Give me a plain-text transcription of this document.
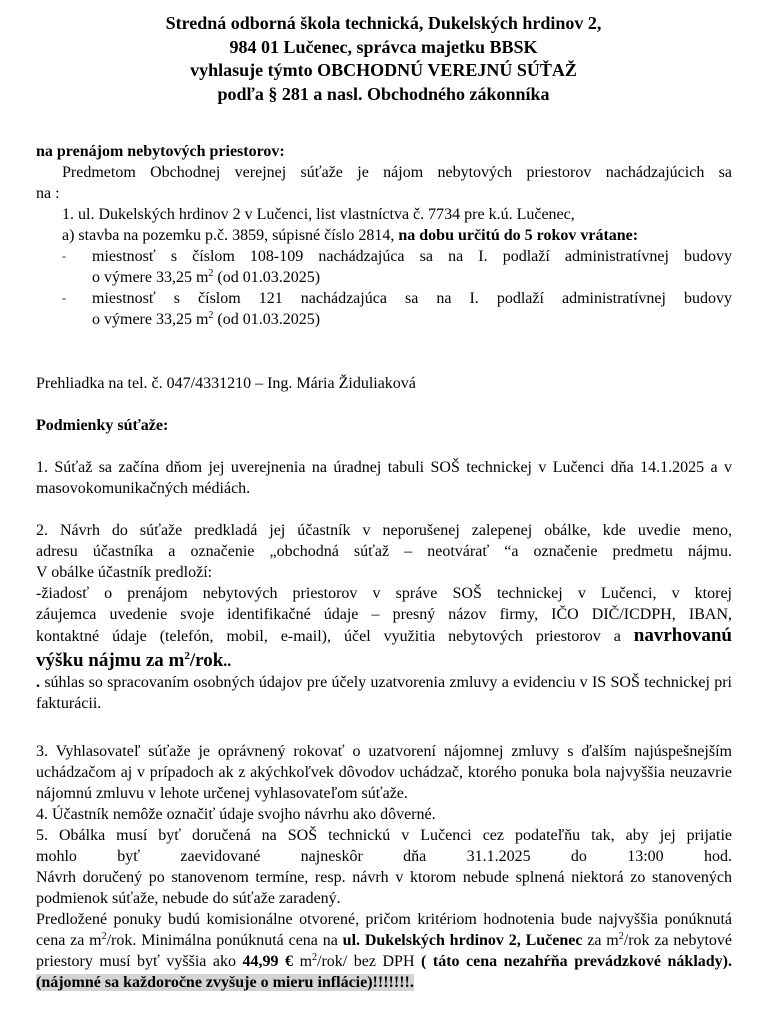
Stredná odborná škola technická, Dukelských hrdinov 2,
984 01 Lučenec, správca majetku BBSK
vyhlasuje týmto OBCHODNÚ VEREJNÚ SÚŤAŽ
podľa § 281 a nasl. Obchodného zákonníka
na prenájom nebytových priestorov:
Predmetom Obchodnej verejnej súťaže je nájom nebytových priestorov nachádzajúcich sa
na :
1. ul. Dukelských hrdinov 2 v Lučenci, list vlastníctva č. 7734 pre k.ú. Lučenec,
a) stavba na pozemku p.č. 3859, súpisné číslo 2814, na dobu určitú do 5 rokov vrátane:
- miestnosť s číslom 108-109 nachádzajúca sa na I. podlaží administratívnej budovy
o výmere 33,25 $m^2$ (od 01.03.2025)
- miestnosť s číslom 121 nachádzajúca sa na I. podlaží administratívnej budovy
o výmere 33,25 $m^2$ (od 01.03.2025)
Prehliadka na tel. č. 047/4331210 – Ing. Mária Židuliaková
Podmienky súťaže:
1. Súťaž sa začína dňom jej uverejnenia na úradnej tabuli SOŠ technickej v Lučenci dňa 14.1.2025 a v masovokomunikačných médiách.
2. Návrh do súťaže predkladá jej účastník v neporušenej zalepenej obálke, kde uvedie meno,
adresu účastníka a označenie „obchodná súťaž – neotvárať “a označenie predmetu nájmu.
V obálke účastník predloží:
-žiadosť o prenájom nebytových priestorov v správe SOŠ technickej v Lučenci, v ktorej
záujemca uvedenie svoje identifikačné údaje – presný názov firmy, IČO DIČ/ICDPH, IBAN,
kontaktné údaje (telefón, mobil, e-mail), účel využitia nebytových priestorov a navrhovanú
výšku nájmu za $m^2$/rok..
. súhlas so spracovaním osobných údajov pre účely uzatvorenia zmluvy a evidenciu v IS SOŠ technickej pri fakturácii.
3. Vyhlasovateľ súťaže je oprávnený rokovať o uzatvorení nájomnej zmluvy s ďalším najúspešnejším uchádzačom aj v prípadoch ak z akýchkoľvek dôvodov uchádzač, ktorého ponuka bola najvyššia neuzavrie nájomnú zmluvu v lehote určenej vyhlasovateľom súťaže.
4. Účastník nemôže označiť údaje svojho návrhu ako dôverné.
5. Obálka musí byť doručená na SOŠ technickú v Lučenci cez podateľňu tak, aby jej prijatie
mohlo byť zaevidované najneskôr dňa 31.1.2025 do 13:00 hod.
Návrh doručený po stanovenom termíne, resp. návrh v ktorom nebude splnená niektorá zo stanovených podmienok súťaže, nebude do súťaže zaradený.
Predložené ponuky budú komisionálne otvorené, pričom kritériom hodnotenia bude najvyššia ponúknutá cena za $m^2$/rok. Minimálna ponúknutá cena na ul. Dukelských hrdinov 2, Lučenec za $m^2$/rok za nebytové priestory musí byť vyššia ako 44,99 € $m^2/rok/$ bez DPH ( táto cena nezahŕňa prevádzkové náklady). (nájomné sa každoročne zvyšuje o mieru inflácie)!!!!!!!.
